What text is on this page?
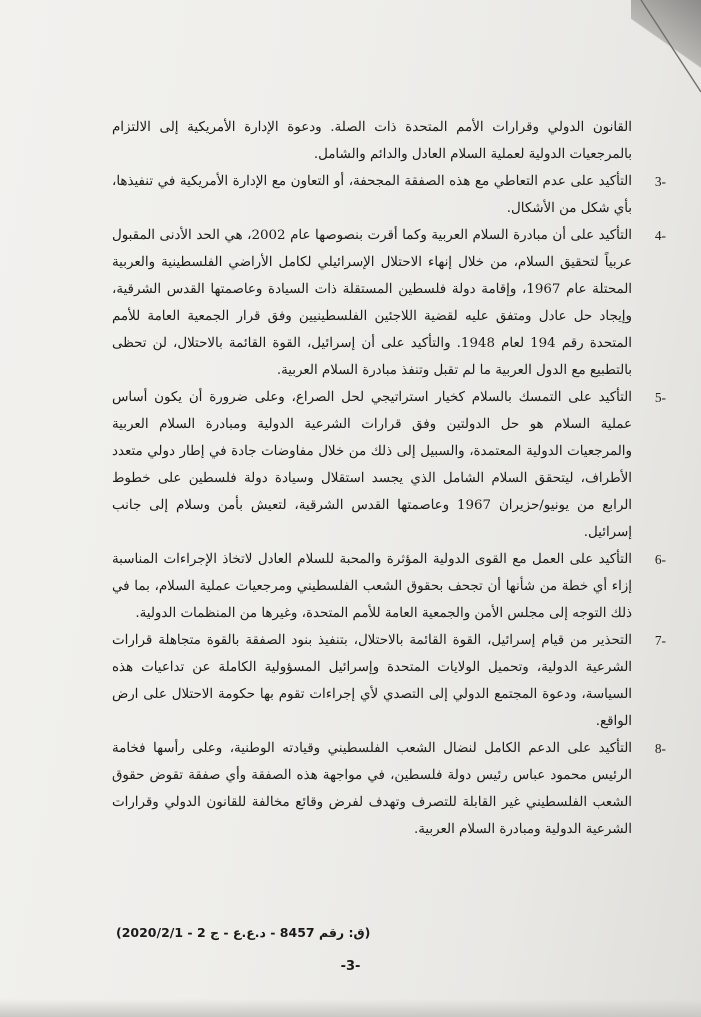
القانون الدولي وقرارات الأمم المتحدة ذات الصلة. ودعوة الإدارة الأمريكية إلى الالتزام بالمرجعيات الدولية لعملية السلام العادل والدائم والشامل.

3-

التأكيد على عدم التعاطي مع هذه الصفقة المجحفة، أو التعاون مع الإدارة الأمريكية في تنفيذها، بأي شكل من الأشكال.

4-

التأكيد على أن مبادرة السلام العربية وكما أقرت بنصوصها عام 2002، هي الحد الأدنى المقبول عربياً لتحقيق السلام، من خلال إنهاء الاحتلال الإسرائيلي لكامل الأراضي الفلسطينية والعربية المحتلة عام 1967، وإقامة دولة فلسطين المستقلة ذات السيادة وعاصمتها القدس الشرقية، وإيجاد حل عادل ومتفق عليه لقضية اللاجئين الفلسطينيين وفق قرار الجمعية العامة للأمم المتحدة رقم 194 لعام 1948. والتأكيد على أن إسرائيل، القوة القائمة بالاحتلال، لن تحظى بالتطبيع مع الدول العربية ما لم تقبل وتنفذ مبادرة السلام العربية.

5-

التأكيد على التمسك بالسلام كخيار استراتيجي لحل الصراع، وعلى ضرورة أن يكون أساس عملية السلام هو حل الدولتين وفق قرارات الشرعية الدولية ومبادرة السلام العربية والمرجعيات الدولية المعتمدة، والسبيل إلى ذلك من خلال مفاوضات جادة في إطار دولي متعدد الأطراف، ليتحقق السلام الشامل الذي يجسد استقلال وسيادة دولة فلسطين على خطوط الرابع من يونيو/حزيران 1967 وعاصمتها القدس الشرقية، لتعيش بأمن وسلام إلى جانب إسرائيل.

6-

التأكيد على العمل مع القوى الدولية المؤثرة والمحبة للسلام العادل لاتخاذ الإجراءات المناسبة إزاء أي خطة من شأنها أن تجحف بحقوق الشعب الفلسطيني ومرجعيات عملية السلام، بما في ذلك التوجه إلى مجلس الأمن والجمعية العامة للأمم المتحدة، وغيرها من المنظمات الدولية.

7-

التحذير من قيام إسرائيل، القوة القائمة بالاحتلال، بتنفيذ بنود الصفقة بالقوة متجاهلة قرارات الشرعية الدولية، وتحميل الولايات المتحدة وإسرائيل المسؤولية الكاملة عن تداعيات هذه السياسة، ودعوة المجتمع الدولي إلى التصدي لأي إجراءات تقوم بها حكومة الاحتلال على ارض الواقع.

8-

التأكيد على الدعم الكامل لنضال الشعب الفلسطيني وقيادته الوطنية، وعلى رأسها فخامة الرئيس محمود عباس رئيس دولة فلسطين، في مواجهة هذه الصفقة وأي صفقة تقوض حقوق الشعب الفلسطيني غير القابلة للتصرف وتهدف لفرض وقائع مخالفة للقانون الدولي وقرارات الشرعية الدولية ومبادرة السلام العربية.

(ق: رقم 8457 - د.ع.ع - ج 2 - 2020/2/1)
-3-
